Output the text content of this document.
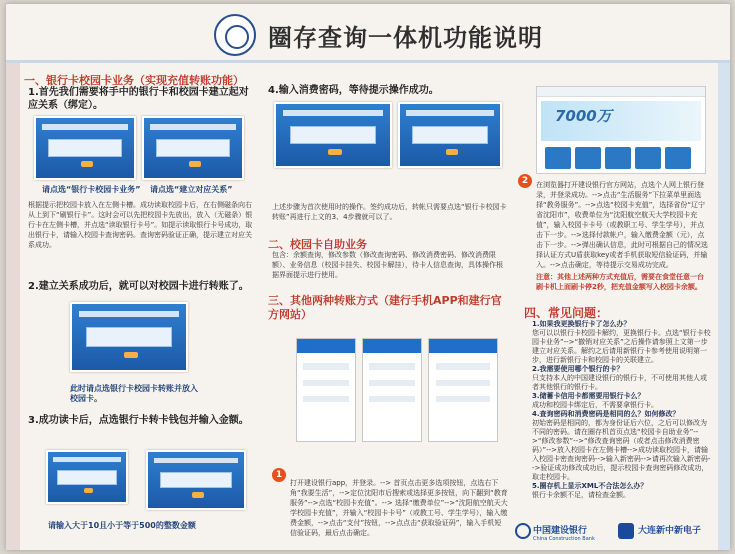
圈存查询一体机功能说明
一、银行卡校园卡业务（实现充值转账功能）
1.首先我们需要将手中的银行卡和校园卡建立起对应关系（绑定）。
请点选“银行卡校园卡业务” 请点选“建立对应关系”
根据提示把校园卡放入在左侧卡槽。成功读取校园卡后，在右侧磁条向右从上到下“刷银行卡”。这时会可以先把校园卡先放出，放入（无磁条）银行卡在左侧卡槽，并点选“读取银行卡号”。如提示读取银行卡号成功，取出银行卡，请输入校园卡查询密码。查询密码验证正确，提示建立对应关系成功。
2.建立关系成功后，就可以对校园卡进行转账了。
此时请点选银行卡校园卡转账并放入校园卡。
3.成功读卡后，点选银行卡转卡钱包并输入金额。
请输入大于10且小于等于500的整数金额
4.输入消费密码，等待提示操作成功。
上述步骤为首次使用时的操作。签约成功后，转帐只需要点选“银行卡校园卡转账”再进行上文的3、4步骤就可以了。
二、校园卡自助业务
包含：余额查询，修改参数（修改查询密码、修改消费密码、修改消费限额）、业务信息（校园卡挂失、校园卡解挂），待卡人信息查询，具体操作根据界面提示进行使用。
三、其他两种转账方式（建行手机APP和建行官方网站）
1
打开建设银行app，并登录。--> 首页点击更多选项按钮，点选右下角“我要生活”，-->定位沈阳市后搜索或选择更多按钮，向下翻到“教育服务”-->点选“校园卡充值”。--> 选择“缴费单位”-->“沈阳航空航天大学校园卡充值”，并输入“校园卡卡号”（或教工号、学生学号），输入缴费金额，-->点击“支付”按钮，-->点点击“获取验证码”，输入手机短信验证码，最后点击确定。
7000万
2	在浏览器打开建设银行官方网站，点选个人网上银行登录，并登录成功。-->点击“生活服务”下拉菜单里面选择“教务服务”。-->点选“校园卡充值”，选择省份“辽宁省沈阳市”，收费单位为“沈阳航空航天大学校园卡充值”，输入校园卡卡号（或教职工号、学生学号），并点击下一步。-->选择付款帐户，输入缴费金额（元），点击下一步。-->弹出确认信息，此时可根据自己的情况选择认证方式U盾获取key或者手机获取短信验证码，并输入。-->点击确定，等待提示交易成功完成。
注意：其他上述两种方式充值后，需要在食堂任意一台刷卡机上面刷卡停2秒，把充值金额写入校园卡余额。
四、常见问题：
1.如果我更换银行卡了怎么办？
您可以以银行卡校园卡解约，更换银行卡。点选“银行卡校园卡业务”-->“撤销对应关系”之后操作请参照上文第一步建立对应关系。解约之后请用新银行卡参考使用说明第一步，进行新银行卡和校园卡的关联建立。
2.我需要使用哪个银行的卡？
只支持本人的中国建设银行的银行卡，不可使用其他人或者其他银行的银行卡。
3.储蓄卡信用卡都需要用银行卡么？
成功和校园卡绑定后，不需要拿银行卡。
4.查询密码和消费密码是相同的么？如何修改？
初始密码是相同的，都为身份证后六位，之后可以修改为不同的密码。请在圈存机首页点选“校园卡自助业务”-->“修改参数”-->“修改查询密码（或者点击修改消费密码）”-->放入校园卡在左侧卡槽-->成功读取校园卡，请输入校园卡密查询密码-->输入新密码-->请再次输入新密码-->验证成功修改成功后，提示校园卡查询密码修改成功，取走校园卡。
5.圈存机上显示XML不合法怎么办？
银行卡余额不足，请检查金额。
中国建设银行
China Construction Bank
大连新中新电子
